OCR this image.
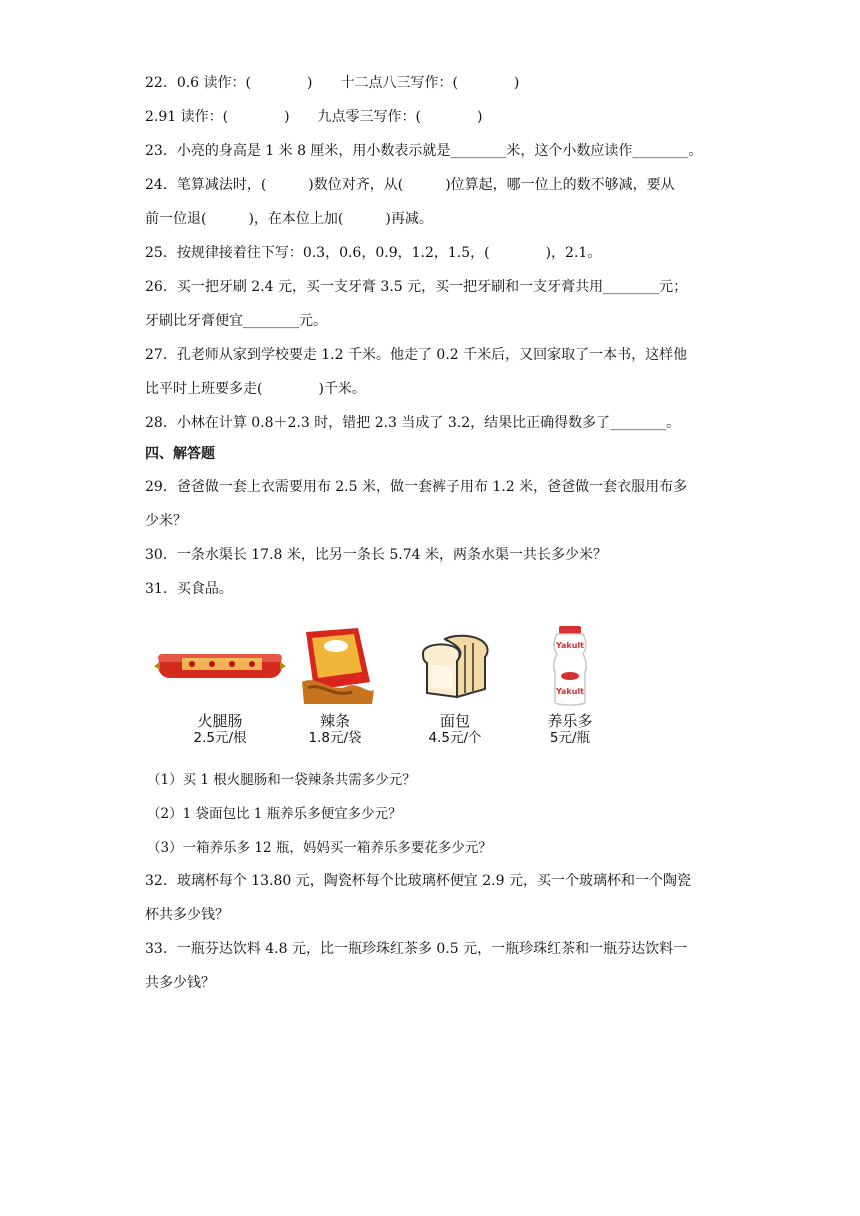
22．0.6 读作：(　　　　)　　十二点八三写作：(　　　　)
2.91 读作：(　　　　)　　九点零三写作：(　　　　)
23．小亮的身高是 1 米 8 厘米，用小数表示就是________米，这个小数应读作________。
24．笔算减法时，(　　　)数位对齐，从(　　　)位算起，哪一位上的数不够减，要从
前一位退(　　　)，在本位上加(　　　)再减。
25．按规律接着往下写：0.3，0.6，0.9，1.2，1.5，(　　　　)，2.1。
26．买一把牙刷 2.4 元，买一支牙膏 3.5 元，买一把牙刷和一支牙膏共用________元；
牙刷比牙膏便宜________元。
27．孔老师从家到学校要走 1.2 千米。他走了 0.2 千米后，又回家取了一本书，这样他
比平时上班要多走(　　　　)千米。
28．小林在计算 0.8＋2.3 时，错把 2.3 当成了 3.2，结果比正确得数多了________。
四、解答题
29．爸爸做一套上衣需要用布 2.5 米，做一套裤子用布 1.2 米，爸爸做一套衣服用布多
少米？
30．一条水渠长 17.8 米，比另一条长 5.74 米，两条水渠一共长多少米？
31．买食品。
火腿肠
2.5元/根
辣条
1.8元/袋
面包
4.5元/个
Yakult
Yakult
养乐多
5元/瓶
（1）买 1 根火腿肠和一袋辣条共需多少元？
（2）1 袋面包比 1 瓶养乐多便宜多少元？
（3）一箱养乐多 12 瓶，妈妈买一箱养乐多要花多少元？
32．玻璃杯每个 13.80 元，陶瓷杯每个比玻璃杯便宜 2.9 元，买一个玻璃杯和一个陶瓷
杯共多少钱？
33．一瓶芬达饮料 4.8 元，比一瓶珍珠红茶多 0.5 元，一瓶珍珠红茶和一瓶芬达饮料一
共多少钱？
